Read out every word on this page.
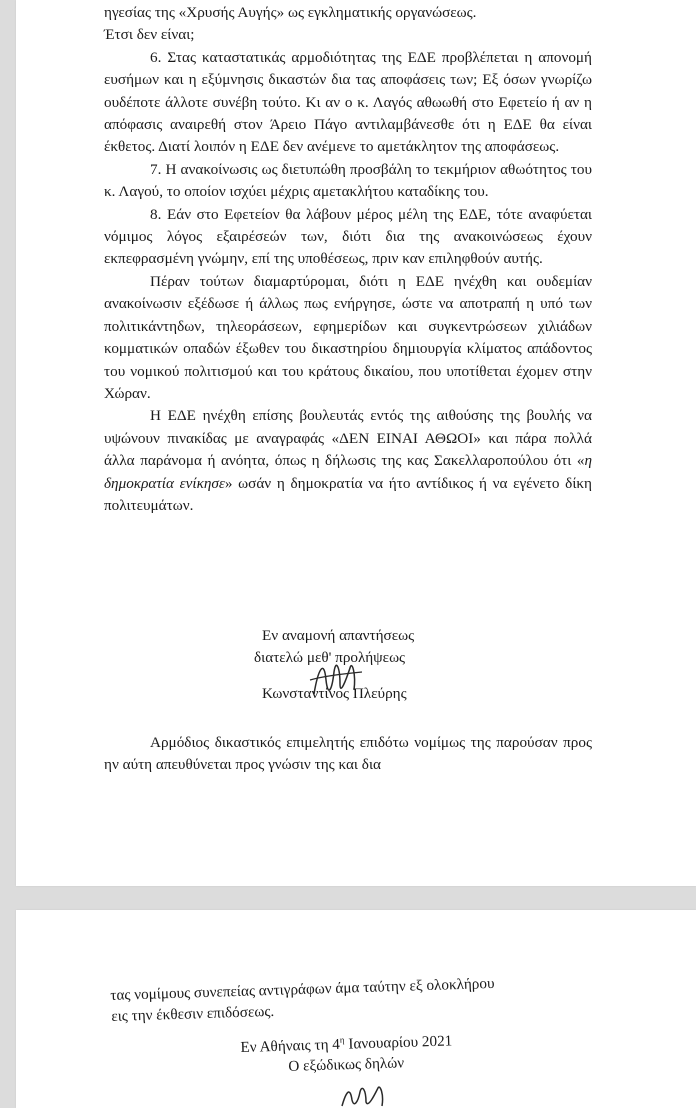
ηγεσίας της «Χρυσής Αυγής» ως εγκληματικής οργανώσεως.

Έτσι δεν είναι;

6. Στας καταστατικάς αρμοδιότητας της ΕΔΕ προβλέπεται η απονομή ευσήμων και η εξύμνησις δικαστών δια τας αποφάσεις των; Εξ όσων γνωρίζω ουδέποτε άλλοτε συνέβη τούτο. Κι αν ο κ. Λαγός αθωωθή στο Εφετείο ή αν η απόφασις αναιρεθή στον Άρειο Πάγο αντιλαμβάνεσθε ότι η ΕΔΕ θα είναι έκθετος. Διατί λοιπόν η ΕΔΕ δεν ανέμενε το αμετάκλητον της αποφάσεως.

7. Η ανακοίνωσις ως διετυπώθη προσβάλη το τεκμήριον αθωότητος του κ. Λαγού, το οποίον ισχύει μέχρις αμετακλήτου καταδίκης του.

8. Εάν στο Εφετείον θα λάβουν μέρος μέλη της ΕΔΕ, τότε αναφύεται νόμιμος λόγος εξαιρέσεών των, διότι δια της ανακοινώσεως έχουν εκπεφρασμένη γνώμην, επί της υποθέσεως, πριν καν επιληφθούν αυτής.

Πέραν τούτων διαμαρτύρομαι, διότι η ΕΔΕ ηνέχθη και ουδεμίαν ανακοίνωσιν εξέδωσε ή άλλως πως ενήργησε, ώστε να αποτραπή η υπό των πολιτικάντηδων, τηλεοράσεων, εφημερίδων και συγκεντρώσεων χιλιάδων κομματικών οπαδών έξωθεν του δικαστηρίου δημιουργία κλίματος απάδοντος του νομικού πολιτισμού και του κράτους δικαίου, που υποτίθεται έχομεν στην Χώραν.

Η ΕΔΕ ηνέχθη επίσης βουλευτάς εντός της αιθούσης της βουλής να υψώνουν πινακίδας με αναγραφάς «ΔΕΝ ΕΙΝΑΙ ΑΘΩΟΙ» και πάρα πολλά άλλα παράνομα ή ανόητα, όπως η δήλωσις της κας Σακελλαροπούλου ότι «η δημοκρατία ενίκησε» ωσάν η δημοκρατία να ήτο αντίδικος ή να εγένετο δίκη πολιτευμάτων.

Εν αναμονή απαντήσεως
διατελώ μεθ' προλήψεως
Κωνσταντίνος Πλεύρης

Αρμόδιος δικαστικός επιμελητής επιδότω νομίμως της παρούσαν προς ην αύτη απευθύνεται προς γνώσιν της και δια

τας νομίμους συνεπείας αντιγράφων άμα ταύτην εξ ολοκλήρου
εις την έκθεσιν επιδόσεως.
Εν Αθήναις τη $4^\eta$ Ιανουαρίου 2021
Ο εξώδικως δηλών
